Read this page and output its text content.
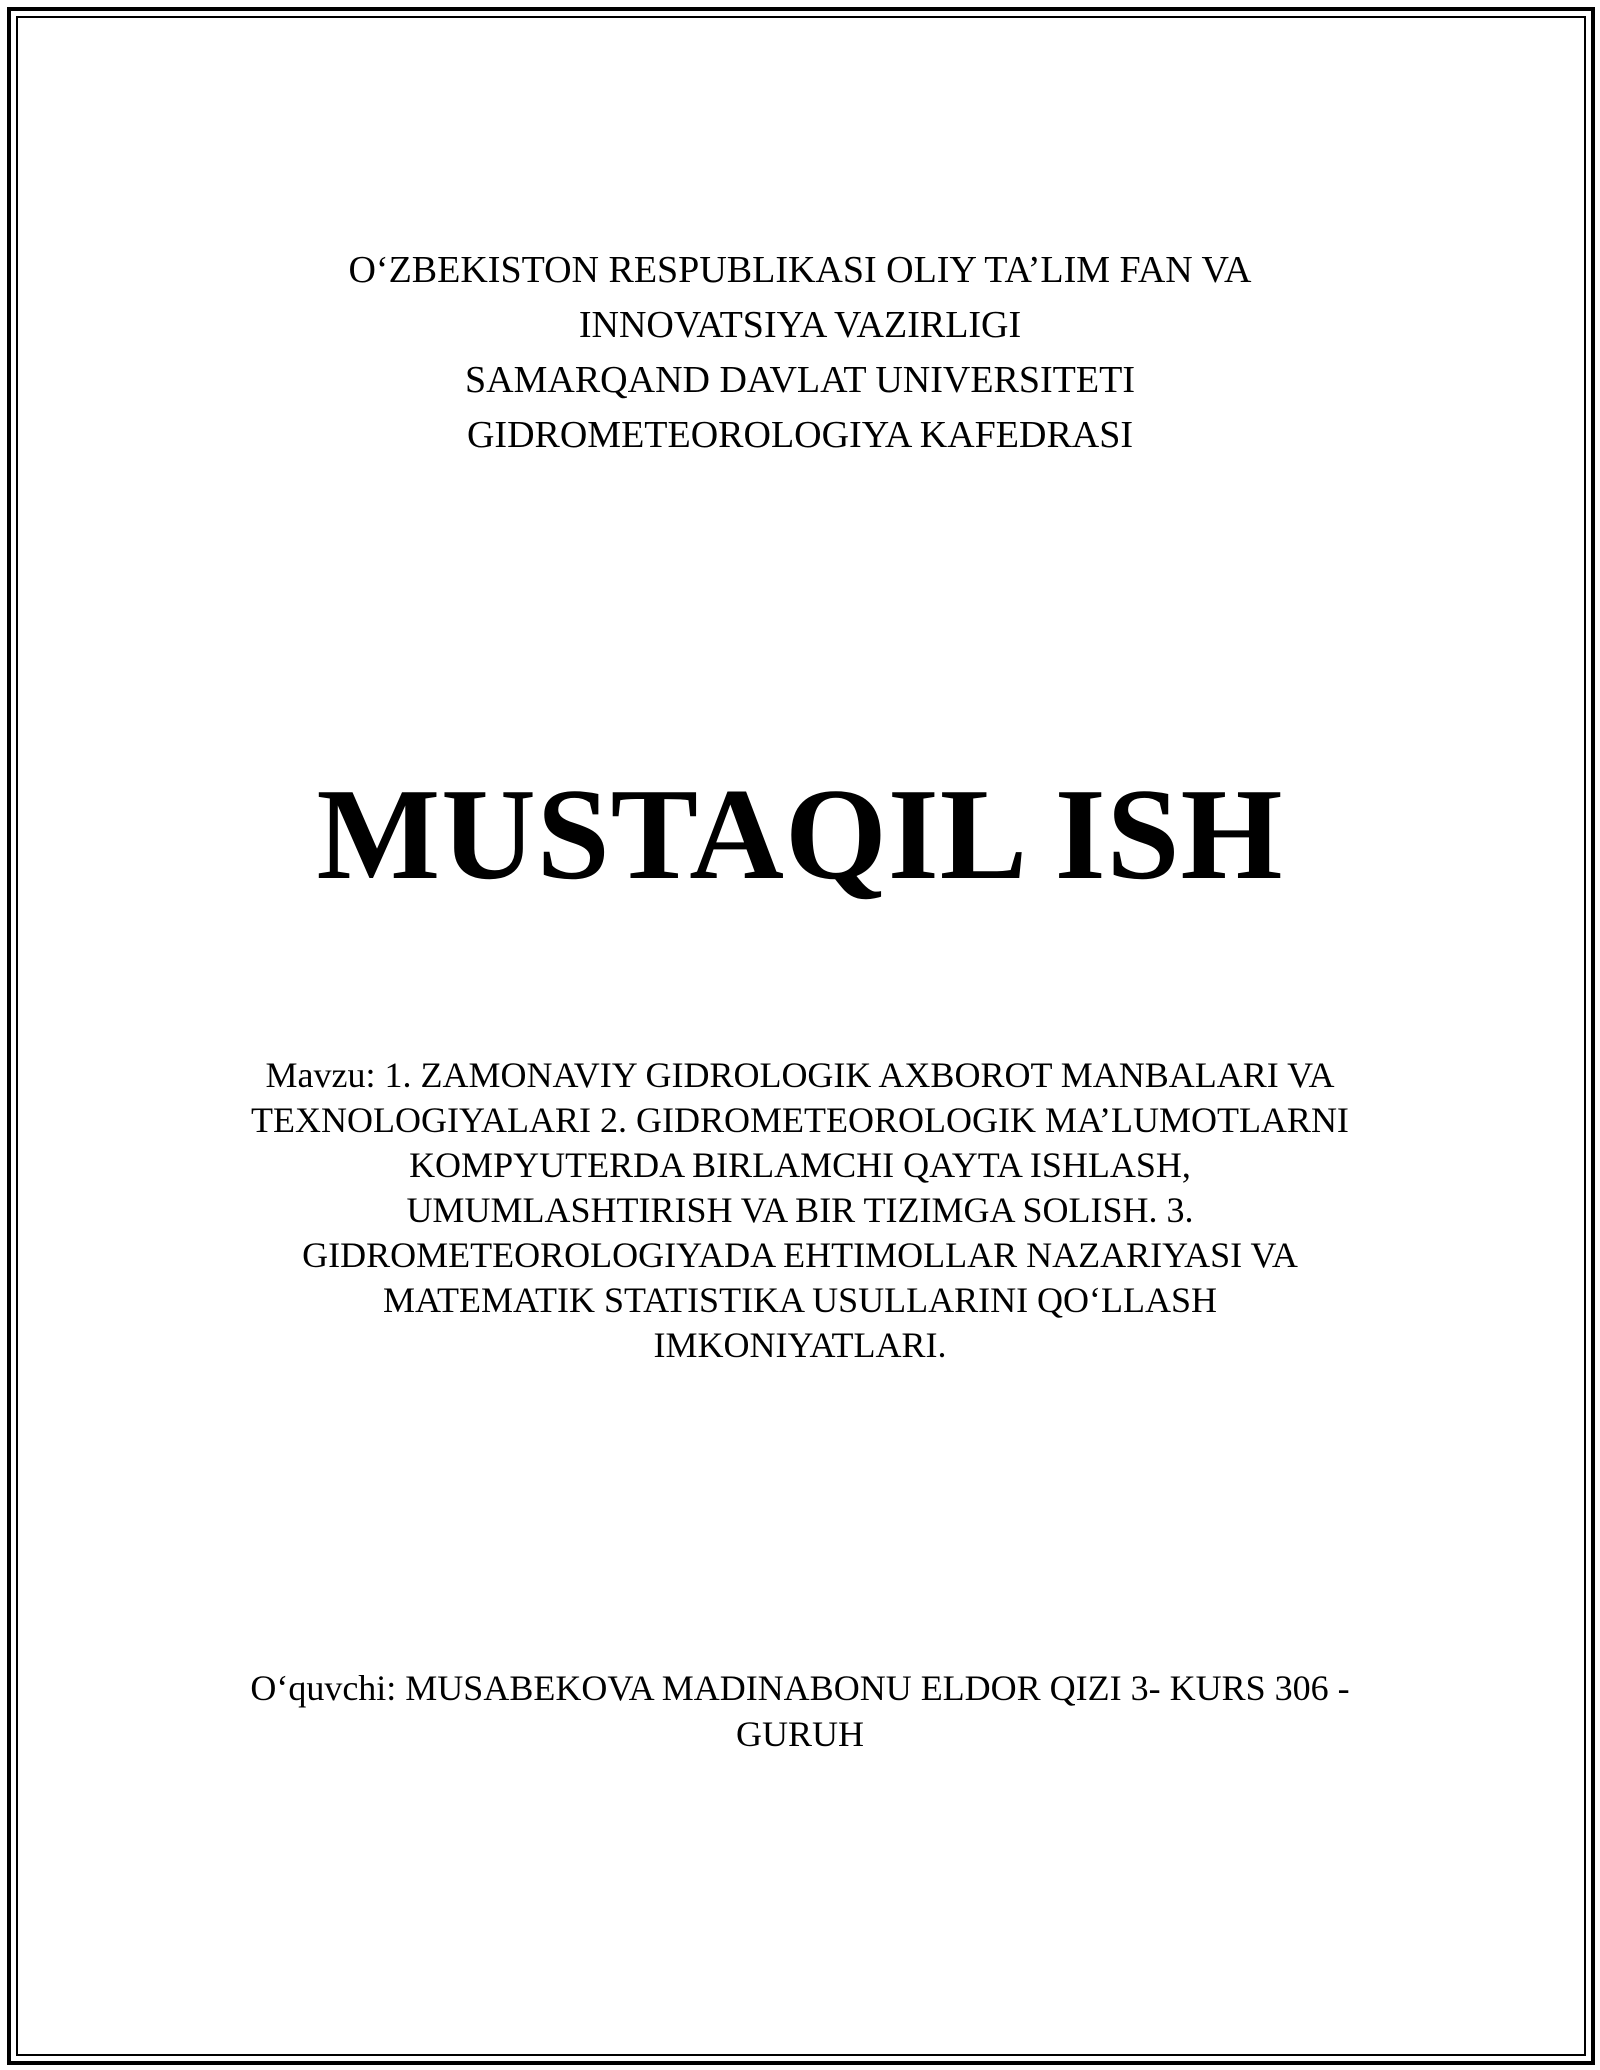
O‘ZBEKISTON RESPUBLIKASI OLIY TA’LIM FAN VA
INNOVATSIYA VAZIRLIGI
SAMARQAND DAVLAT UNIVERSITETI
GIDROMETEOROLOGIYA KAFEDRASI
MUSTAQIL ISH
Mavzu: 1. ZAMONAVIY GIDROLOGIK AXBOROT MANBALARI VA
TEXNOLOGIYALARI 2. GIDROMETEOROLOGIK MA’LUMOTLARNI
KOMPYUTERDA BIRLAMCHI QAYTA ISHLASH,
UMUMLASHTIRISH VA BIR TIZIMGA SOLISH. 3.
GIDROMETEOROLOGIYADA EHTIMOLLAR NAZARIYASI VA
MATEMATIK STATISTIKA USULLARINI QO‘LLASH
IMKONIYATLARI.
O‘quvchi: MUSABEKOVA MADINABONU ELDOR QIZI 3- KURS 306 -
GURUH
